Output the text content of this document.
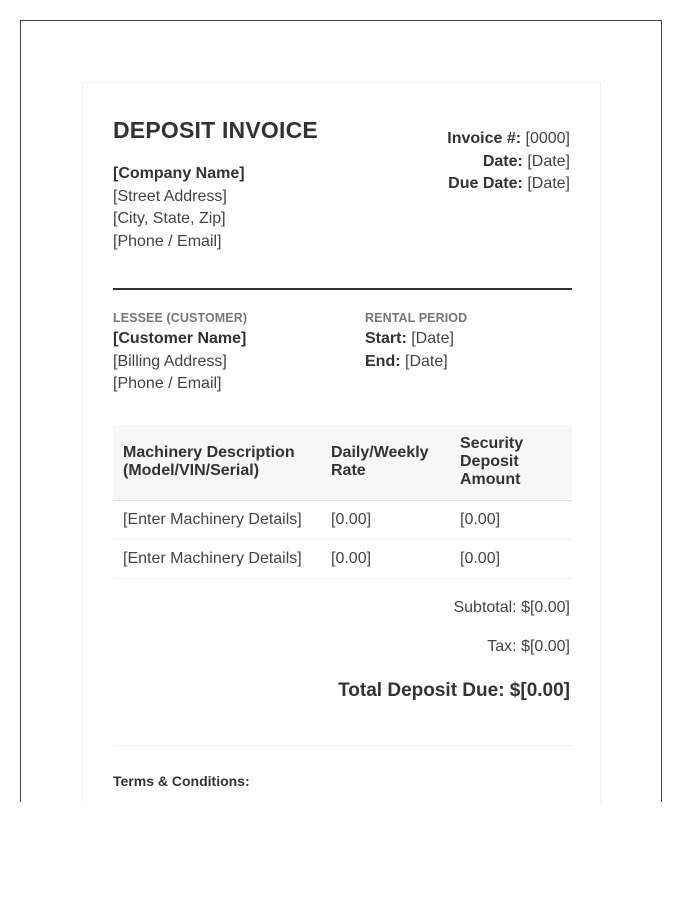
DEPOSIT INVOICE
[Company Name]
[Street Address]
[City, State, Zip]
[Phone / Email]
Invoice #: [0000]
Date: [Date]
Due Date: [Date]
LESSEE (CUSTOMER)
[Customer Name]
[Billing Address]
[Phone / Email]
RENTAL PERIOD
Start: [Date]
End: [Date]
Machinery Description (Model/VIN/Serial)	Daily/Weekly Rate	Security Deposit Amount
[Enter Machinery Details]	[0.00]	[0.00]
[Enter Machinery Details]	[0.00]	[0.00]
Subtotal: $[0.00]
Tax: $[0.00]
Total Deposit Due: $[0.00]
Terms & Conditions:
